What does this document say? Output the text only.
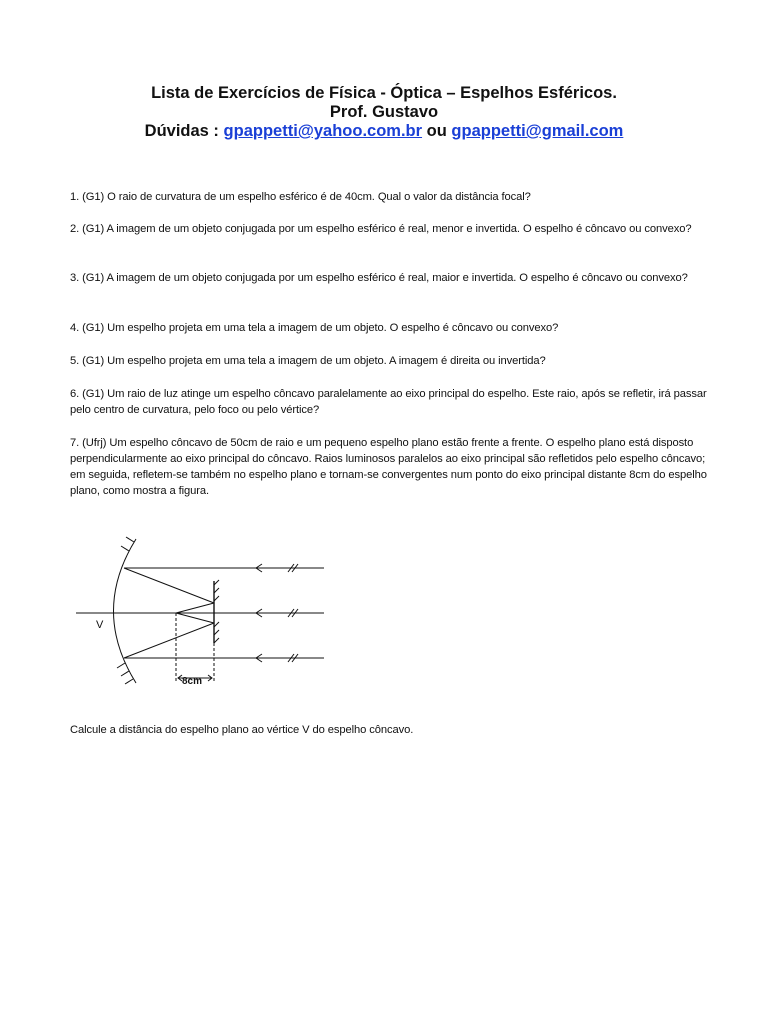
Lista de Exercícios de Física - Óptica – Espelhos Esféricos.
Prof. Gustavo
Dúvidas : gpappetti@yahoo.com.br ou gpappetti@gmail.com
1. (G1) O raio de curvatura de um espelho esférico é de 40cm. Qual o valor da distância focal?
2. (G1) A imagem de um objeto conjugada por um espelho esférico é real, menor e invertida. O espelho é côncavo ou convexo?
3. (G1) A imagem de um objeto conjugada por um espelho esférico é real, maior e invertida. O espelho é côncavo ou convexo?
4. (G1) Um espelho projeta em uma tela a imagem de um objeto. O espelho é côncavo ou convexo?
5. (G1) Um espelho projeta em uma tela a imagem de um objeto. A imagem é direita ou invertida?
6. (G1) Um raio de luz atinge um espelho côncavo paralelamente ao eixo principal do espelho. Este raio, após se refletir, irá passar pelo centro de curvatura, pelo foco ou pelo vértice?
7. (Ufrj) Um espelho côncavo de 50cm de raio e um pequeno espelho plano estão frente a frente. O espelho plano está disposto perpendicularmente ao eixo principal do côncavo. Raios luminosos paralelos ao eixo principal são refletidos pelo espelho côncavo; em seguida, refletem-se também no espelho plano e tornam-se convergentes num ponto do eixo principal distante 8cm do espelho plano, como mostra a figura.
V
8cm
Calcule a distância do espelho plano ao vértice V do espelho côncavo.
